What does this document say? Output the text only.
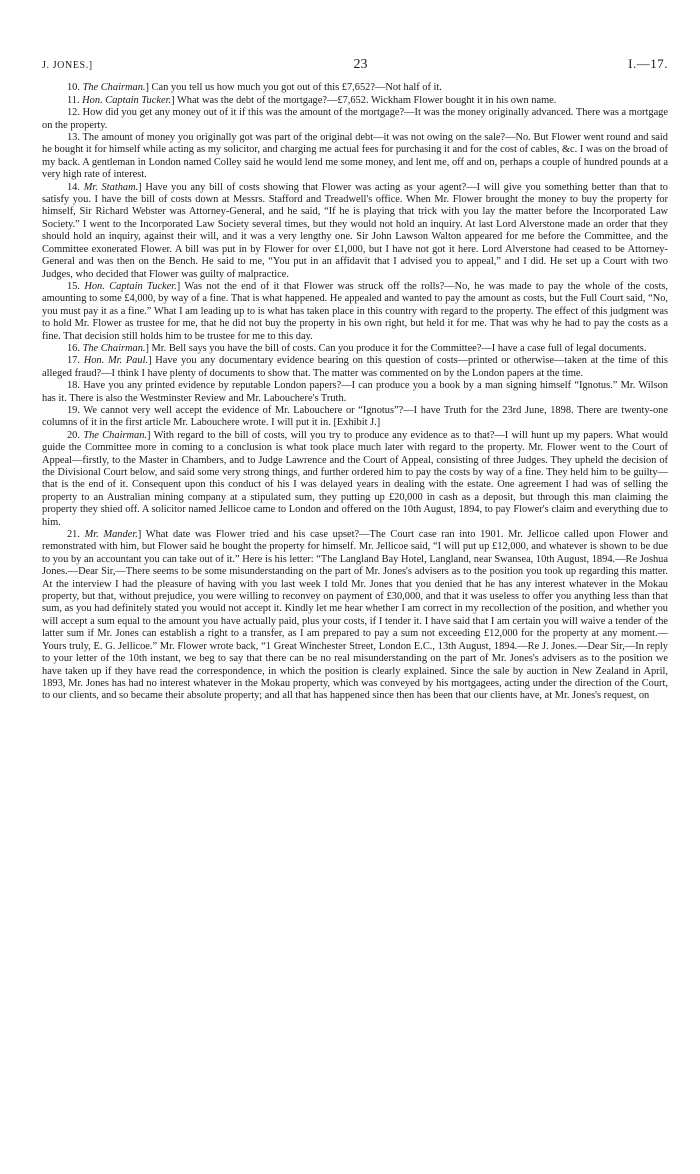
J. JONES.]	23	I.—17.

10. The Chairman.] Can you tell us how much you got out of this £7,652?—Not half of it.

11. Hon. Captain Tucker.] What was the debt of the mortgage?—£7,652. Wickham Flower bought it in his own name.

12. How did you get any money out of it if this was the amount of the mortgage?—It was the money originally advanced. There was a mortgage on the property.

13. The amount of money you originally got was part of the original debt—it was not owing on the sale?—No. But Flower went round and said he bought it for himself while acting as my solicitor, and charging me actual fees for purchasing it and for the cost of cables, &c. I was on the broad of my back. A gentleman in London named Colley said he would lend me some money, and lent me, off and on, perhaps a couple of hundred pounds at a very high rate of interest.

14. Mr. Statham.] Have you any bill of costs showing that Flower was acting as your agent?—I will give you something better than that to satisfy you. I have the bill of costs down at Messrs. Stafford and Treadwell's office. When Mr. Flower brought the money to buy the property for himself, Sir Richard Webster was Attorney-General, and he said, “If he is playing that trick with you lay the matter before the Incorporated Law Society.” I went to the Incorporated Law Society several times, but they would not hold an inquiry. At last Lord Alverstone made an order that they should hold an inquiry, against their will, and it was a very lengthy one. Sir John Lawson Walton appeared for me before the Committee, and the Committee exonerated Flower. A bill was put in by Flower for over £1,000, but I have not got it here. Lord Alverstone had ceased to be Attorney-General and was then on the Bench. He said to me, “You put in an affidavit that I advised you to appeal,” and I did. He set up a Court with two Judges, who decided that Flower was guilty of malpractice.

15. Hon. Captain Tucker.] Was not the end of it that Flower was struck off the rolls?—No, he was made to pay the whole of the costs, amounting to some £4,000, by way of a fine. That is what happened. He appealed and wanted to pay the amount as costs, but the Full Court said, “No, you must pay it as a fine.” What I am leading up to is what has taken place in this country with regard to the property. The effect of this judgment was to hold Mr. Flower as trustee for me, that he did not buy the property in his own right, but held it for me. That was why he had to pay the costs as a fine. That decision still holds him to be trustee for me to this day.

16. The Chairman.] Mr. Bell says you have the bill of costs. Can you produce it for the Committee?—I have a case full of legal documents.

17. Hon. Mr. Paul.] Have you any documentary evidence bearing on this question of costs—printed or otherwise—taken at the time of this alleged fraud?—I think I have plenty of documents to show that. The matter was commented on by the London papers at the time.

18. Have you any printed evidence by reputable London papers?—I can produce you a book by a man signing himself “Ignotus.” Mr. Wilson has it. There is also the Westminster Review and Mr. Labouchere's Truth.

19. We cannot very well accept the evidence of Mr. Labouchere or “Ignotus”?—I have Truth for the 23rd June, 1898. There are twenty-one columns of it in the first article Mr. Labouchere wrote. I will put it in. [Exhibit J.]

20. The Chairman.] With regard to the bill of costs, will you try to produce any evidence as to that?—I will hunt up my papers. What would guide the Committee more in coming to a conclusion is what took place much later with regard to the property. Mr. Flower went to the Court of Appeal—firstly, to the Master in Chambers, and to Judge Lawrence and the Court of Appeal, consisting of three Judges. They upheld the decision of the Divisional Court below, and said some very strong things, and further ordered him to pay the costs by way of a fine. They held him to be guilty—that is the end of it. Consequent upon this conduct of his I was delayed years in dealing with the estate. One agreement I had was of selling the property to an Australian mining company at a stipulated sum, they putting up £20,000 in cash as a deposit, but through this man claiming the property they shied off. A solicitor named Jellicoe came to London and offered on the 10th August, 1894, to pay Flower's claim and everything due to him.

21. Mr. Mander.] What date was Flower tried and his case upset?—The Court case ran into 1901. Mr. Jellicoe called upon Flower and remonstrated with him, but Flower said he bought the property for himself. Mr. Jellicoe said, “I will put up £12,000, and whatever is shown to be due to you by an accountant you can take out of it.” Here is his letter: “The Langland Bay Hotel, Langland, near Swansea, 10th August, 1894.—Re Joshua Jones.—Dear Sir,—There seems to be some misunderstanding on the part of Mr. Jones's advisers as to the position you took up regarding this matter. At the interview I had the pleasure of having with you last week I told Mr. Jones that you denied that he has any interest whatever in the Mokau property, but that, without prejudice, you were willing to reconvey on payment of £30,000, and that it was useless to offer you anything less than that sum, as you had definitely stated you would not accept it. Kindly let me hear whether I am correct in my recollection of the position, and whether you will accept a sum equal to the amount you have actually paid, plus your costs, if I tender it. I have said that I am certain you will waive a tender of the latter sum if Mr. Jones can establish a right to a transfer, as I am prepared to pay a sum not exceeding £12,000 for the property at any moment.—Yours truly, E. G. Jellicoe.” Mr. Flower wrote back, “1 Great Winchester Street, London E.C., 13th August, 1894.—Re J. Jones.—Dear Sir,—In reply to your letter of the 10th instant, we beg to say that there can be no real misunderstanding on the part of Mr. Jones's advisers as to the position we have taken up if they have read the correspondence, in which the position is clearly explained. Since the sale by auction in New Zealand in April, 1893, Mr. Jones has had no interest whatever in the Mokau property, which was conveyed by his mortgagees, acting under the direction of the Court, to our clients, and so became their absolute property; and all that has happened since then has been that our clients have, at Mr. Jones's request, on
